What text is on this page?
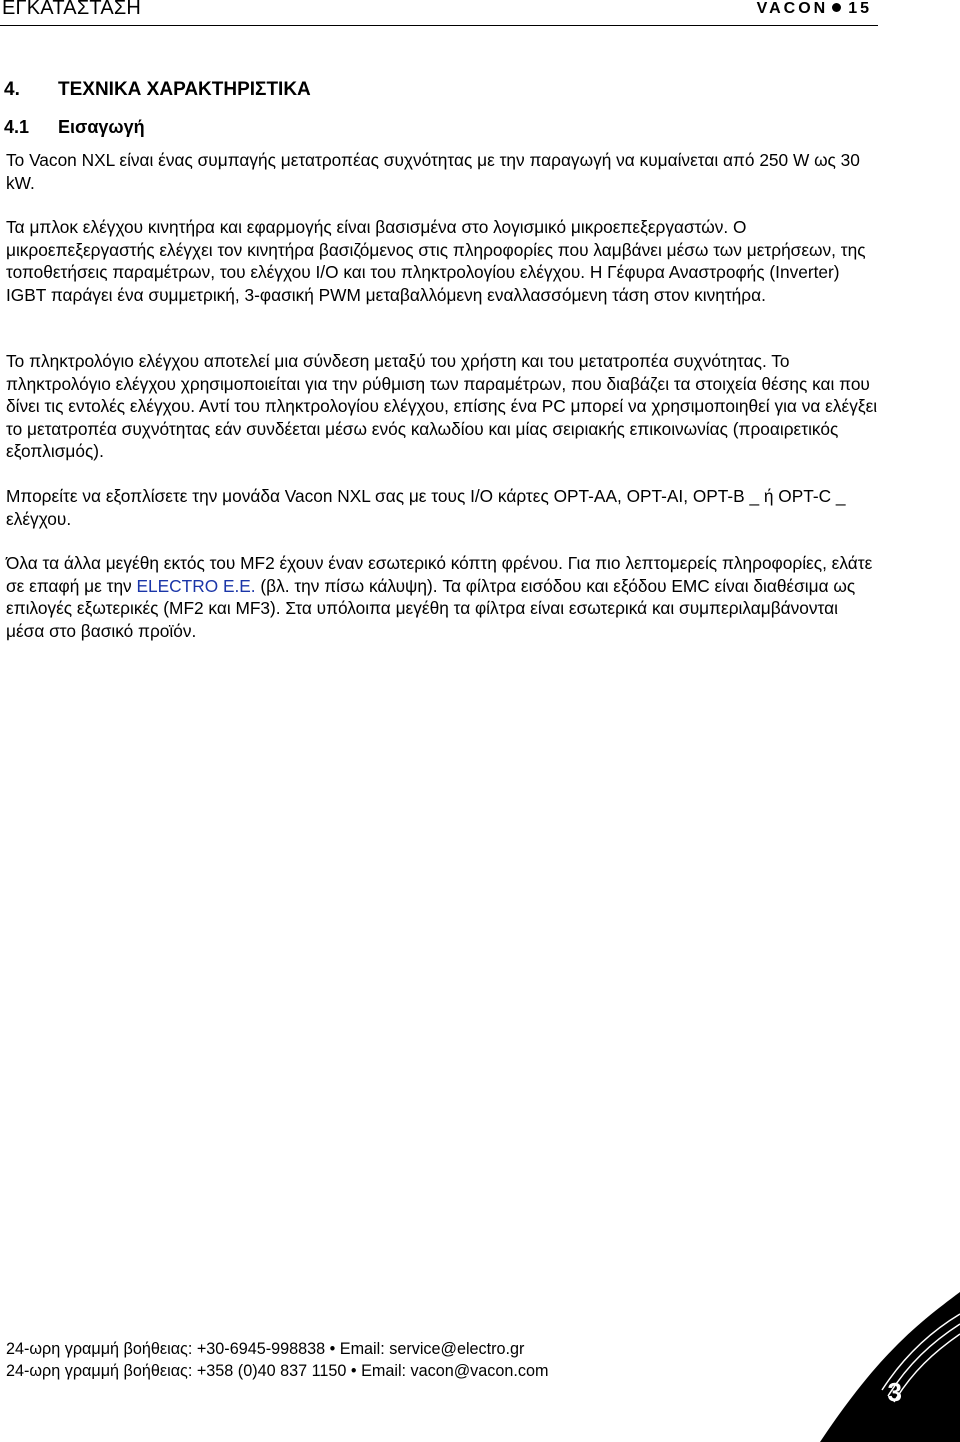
ΕΓΚΑΤΑΣΤΑΣΗ	VACON 15
4. ΤΕΧΝΙΚΑ ΧΑΡΑΚΤΗΡΙΣΤΙΚΑ
4.1 Εισαγωγή
Το Vacon NXL είναι ένας συμπαγής μετατροπέας συχνότητας με την παραγωγή να κυμαίνεται από 250 W ως 30 kW.
Τα μπλοκ ελέγχου κινητήρα και εφαρμογής είναι βασισμένα στο λογισμικό μικροεπεξεργαστών. Ο μικροεπεξεργαστής ελέγχει τον κινητήρα βασιζόμενος στις πληροφορίες που λαμβάνει μέσω των μετρήσεων, της τοποθετήσεις παραμέτρων, του ελέγχου I/O και του πληκτρολογίου ελέγχου. Η Γέφυρα Αναστροφής (Inverter) IGBT παράγει ένα συμμετρική, 3-φασική PWM μεταβαλλόμενη εναλλασσόμενη τάση στον κινητήρα.
Το πληκτρολόγιο ελέγχου αποτελεί μια σύνδεση μεταξύ του χρήστη και του μετατροπέα συχνότητας. Το πληκτρολόγιο ελέγχου χρησιμοποιείται για την ρύθμιση των παραμέτρων, που διαβάζει τα στοιχεία θέσης και που δίνει τις εντολές ελέγχου. Αντί του πληκτρολογίου ελέγχου, επίσης ένα PC μπορεί να χρησιμοποιηθεί για να ελέγξει το μετατροπέα συχνότητας εάν συνδέεται μέσω ενός καλωδίου και μίας σειριακής επικοινωνίας (προαιρετικός εξοπλισμός).
Μπορείτε να εξοπλίσετε την μονάδα Vacon NXL σας με τους I/O κάρτες OPT-AA, OPT-AI, OPT-B _ ή OPT-C _ ελέγχου.
Όλα τα άλλα μεγέθη εκτός του MF2 έχουν έναν εσωτερικό κόπτη φρένου. Για πιο λεπτομερείς πληροφορίες, ελάτε σε επαφή με την ELECTRO E.E. (βλ. την πίσω κάλυψη). Τα φίλτρα εισόδου και εξόδου EMC είναι διαθέσιμα ως επιλογές εξωτερικές (MF2 και MF3). Στα υπόλοιπα μεγέθη τα φίλτρα είναι εσωτερικά και συμπεριλαμβάνονται μέσα στο βασικό προϊόν.
24-ωρη γραμμή βοήθειας: +30-6945-998838 • Email: service@electro.gr
24-ωρη γραμμή βοήθειας: +358 (0)40 837 1150 • Email: vacon@vacon.com
3
